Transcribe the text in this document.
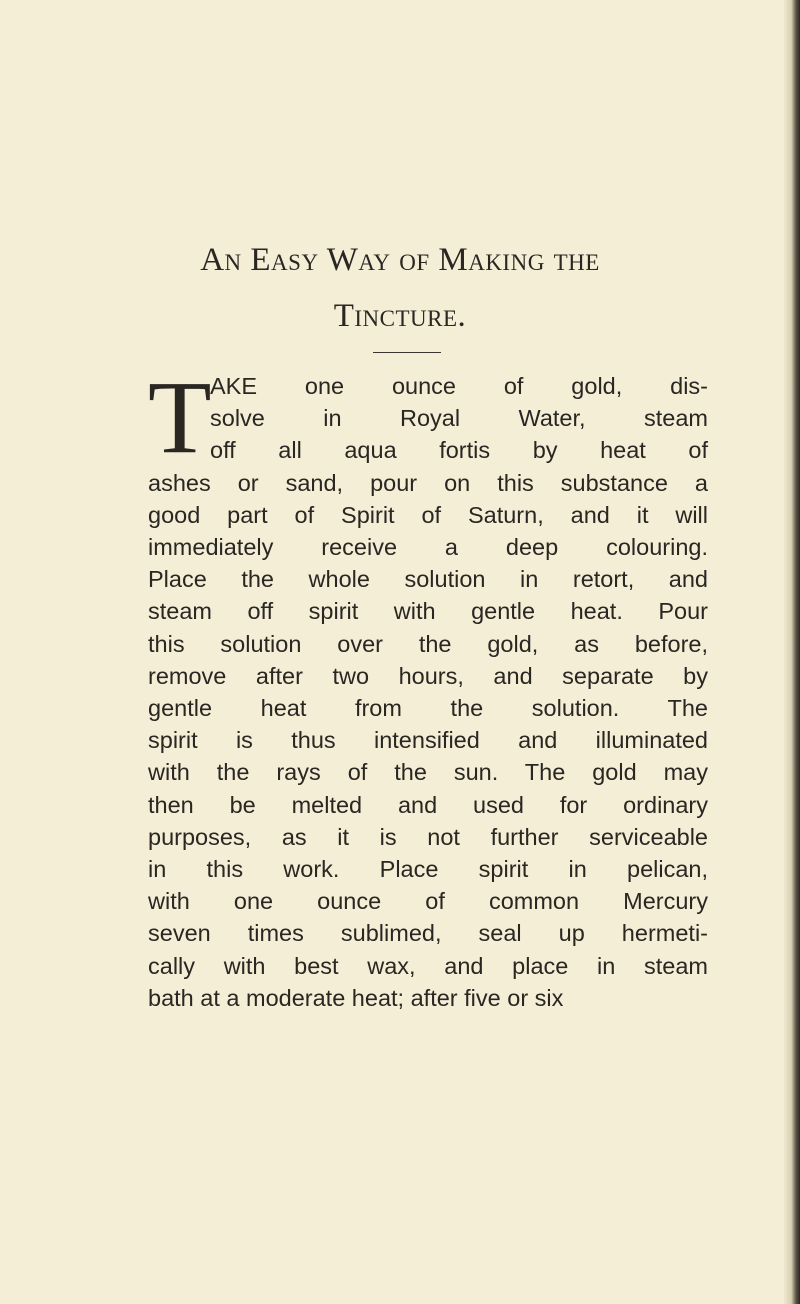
An Easy Way of Making the
Tincture.
T
AKE one ounce of gold, dis-
solve in Royal Water, steam
off all aqua fortis by heat of
ashes or sand, pour on this substance a
good part of Spirit of Saturn, and it will
immediately receive a deep colouring.
Place the whole solution in retort, and
steam off spirit with gentle heat. Pour
this solution over the gold, as before,
remove after two hours, and separate by
gentle heat from the solution. The
spirit is thus intensified and illuminated
with the rays of the sun. The gold may
then be melted and used for ordinary
purposes, as it is not further serviceable
in this work. Place spirit in pelican,
with one ounce of common Mercury
seven times sublimed, seal up hermeti-
cally with best wax, and place in steam
bath at a moderate heat; after five or six
